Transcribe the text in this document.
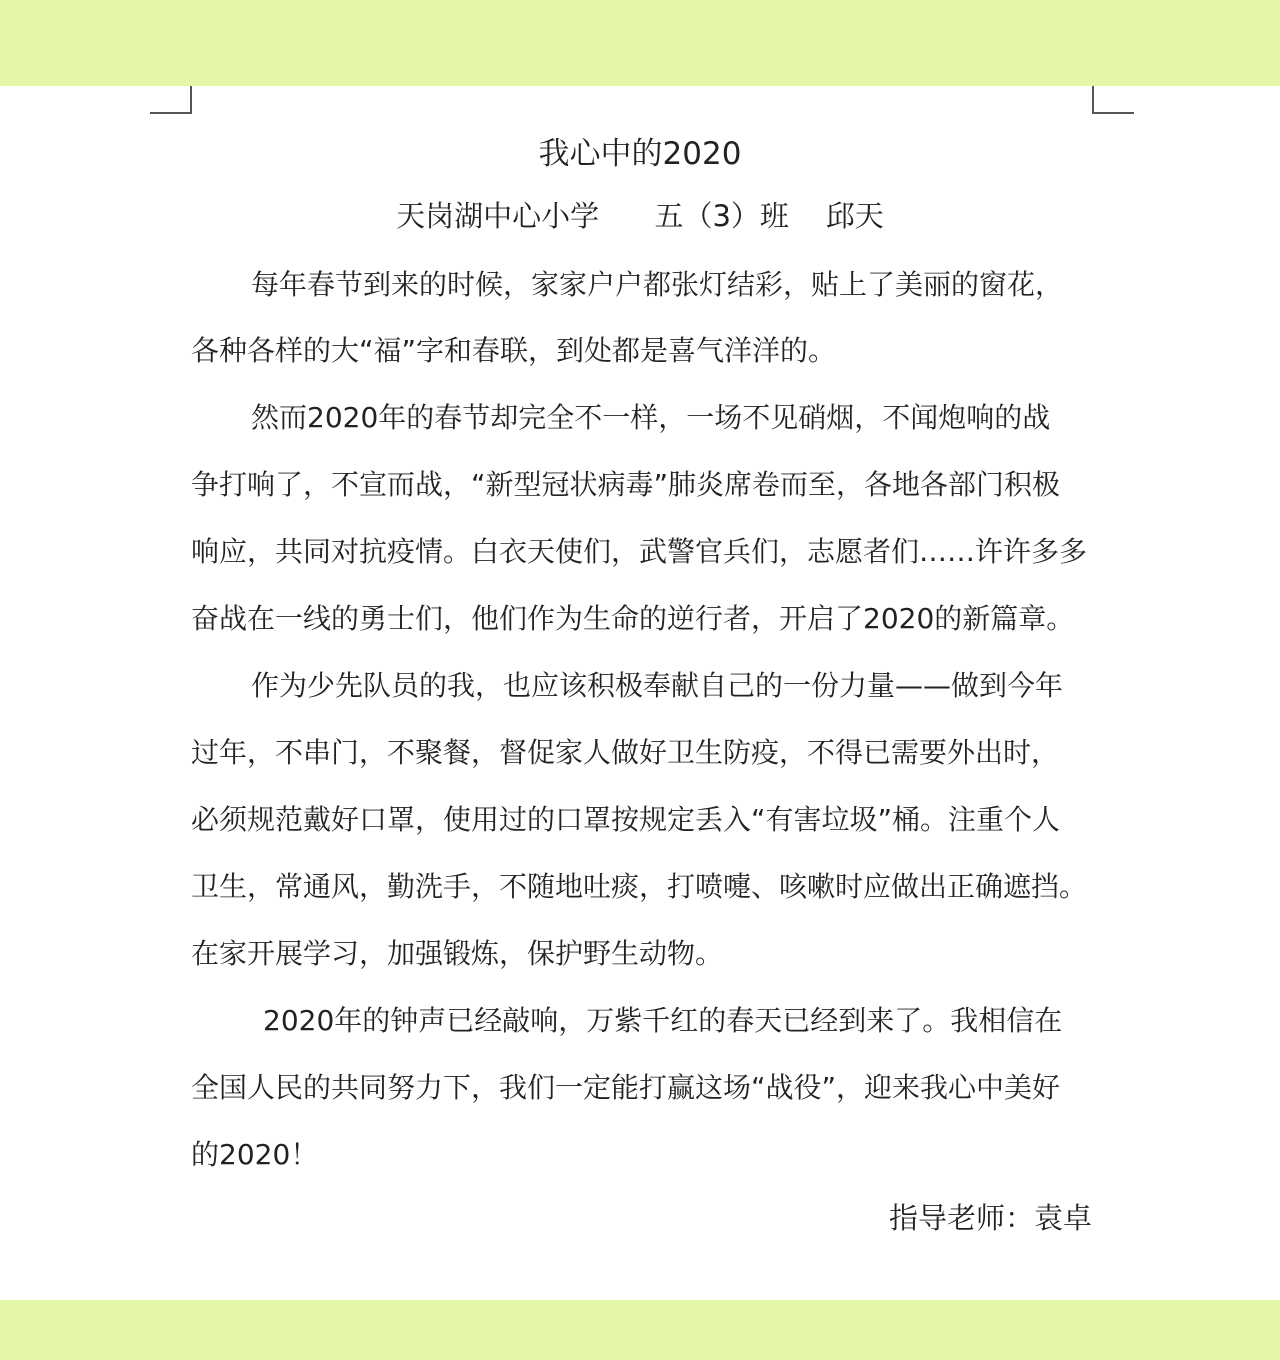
我心中的2020
天岗湖中心小学      五（3）班    邱天
每年春节到来的时候，家家户户都张灯结彩，贴上了美丽的窗花，
各种各样的大“福”字和春联，到处都是喜气洋洋的。
然而2020年的春节却完全不一样，一场不见硝烟，不闻炮响的战
争打响了，不宣而战，“新型冠状病毒”肺炎席卷而至，各地各部门积极
响应，共同对抗疫情。白衣天使们，武警官兵们，志愿者们……许许多多
奋战在一线的勇士们，他们作为生命的逆行者，开启了2020的新篇章。
作为少先队员的我，也应该积极奉献自己的一份力量——做到今年
过年，不串门，不聚餐，督促家人做好卫生防疫，不得已需要外出时，
必须规范戴好口罩，使用过的口罩按规定丢入“有害垃圾”桶。注重个人
卫生，常通风，勤洗手，不随地吐痰，打喷嚏、咳嗽时应做出正确遮挡。
在家开展学习，加强锻炼，保护野生动物。
2020年的钟声已经敲响，万紫千红的春天已经到来了。我相信在
全国人民的共同努力下，我们一定能打赢这场“战役”，迎来我心中美好
的2020！
指导老师：袁卓
